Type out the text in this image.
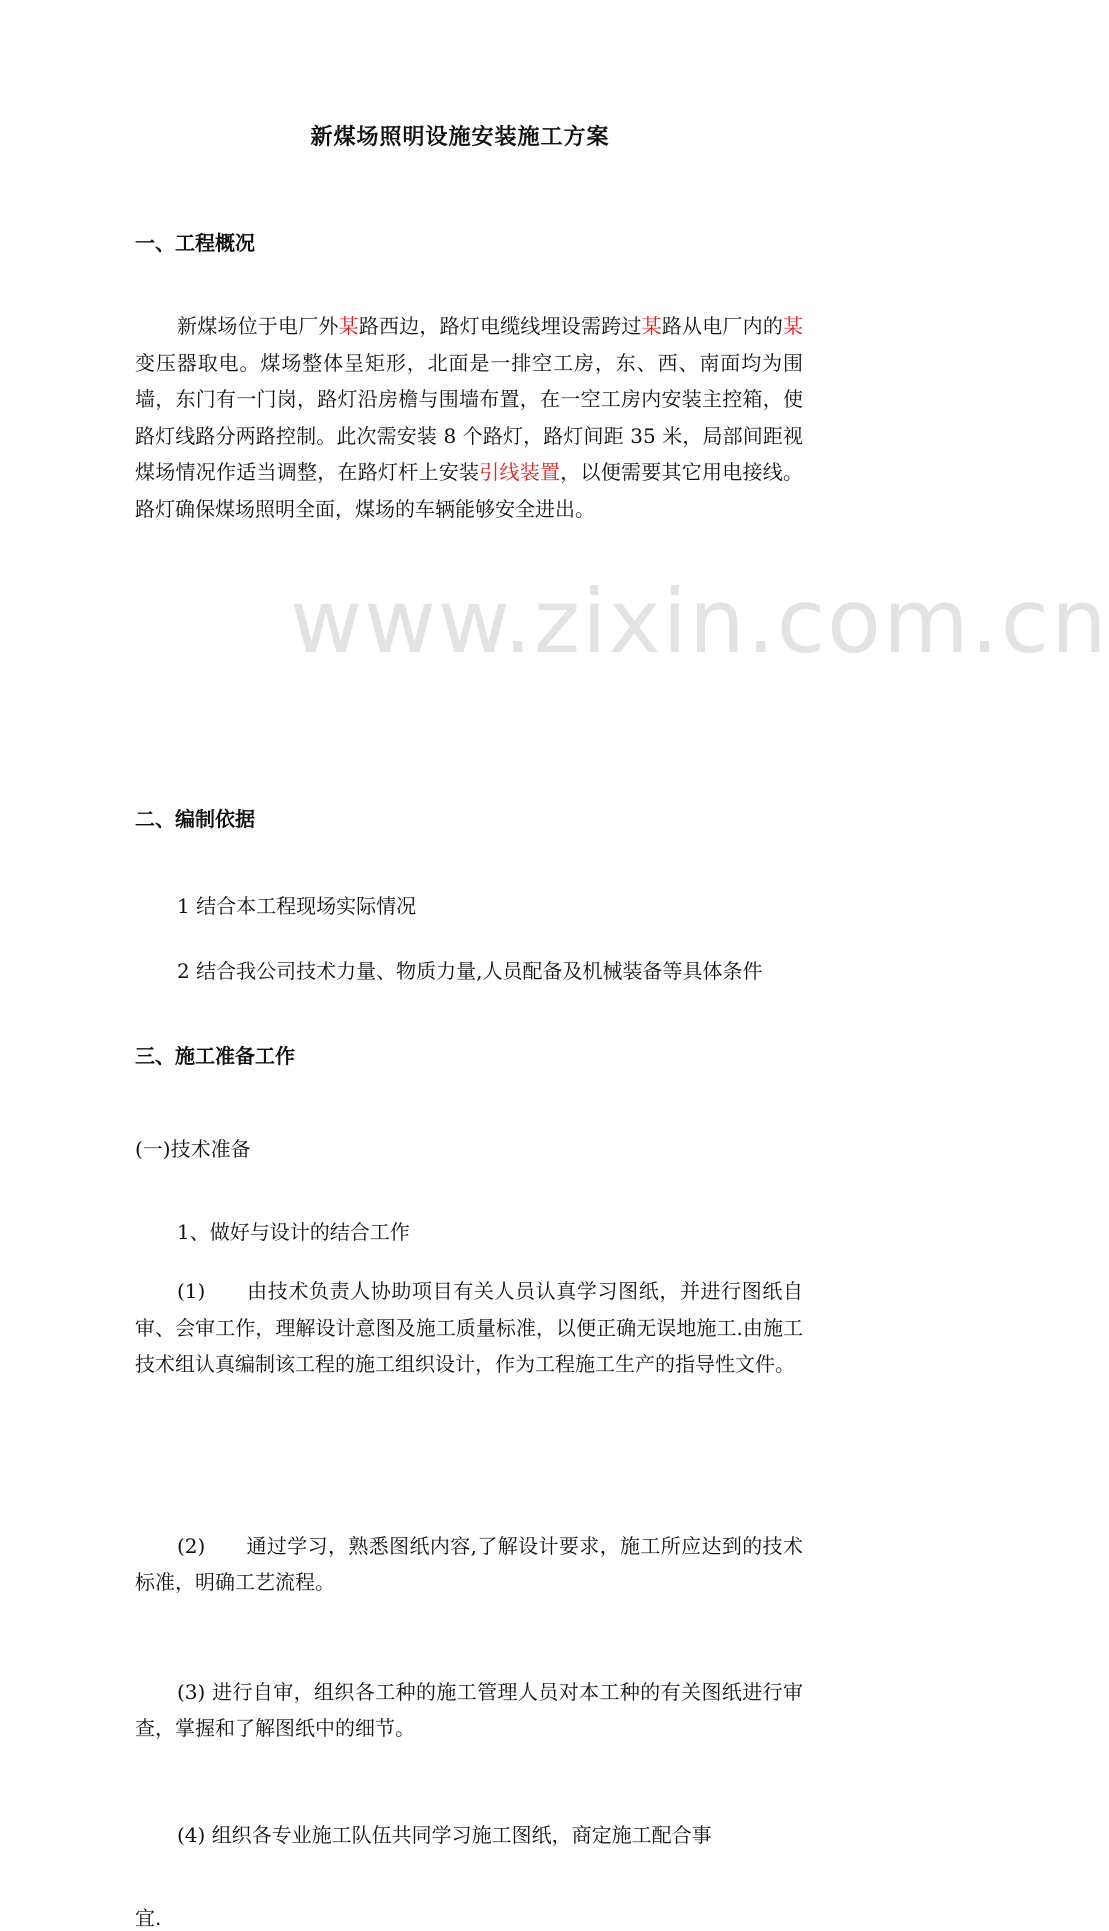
www.zixin.com.cn
新煤场照明设施安装施工方案
一、工程概况
新煤场位于电厂外某路西边，路灯电缆线埋设需跨过某路从电厂内的某变压器取电。煤场整体呈矩形，北面是一排空工房，东、西、南面均为围墙，东门有一门岗，路灯沿房檐与围墙布置，在一空工房内安装主控箱，使路灯线路分两路控制。此次需安装 8 个路灯，路灯间距 35 米，局部间距视煤场情况作适当调整，在路灯杆上安装引线装置，以便需要其它用电接线。路灯确保煤场照明全面，煤场的车辆能够安全进出。
二、编制依据
1 结合本工程现场实际情况
2 结合我公司技术力量、物质力量,人员配备及机械装备等具体条件
三、施工准备工作
(一)技术准备
1、做好与设计的结合工作
(1)　　由技术负责人协助项目有关人员认真学习图纸，并进行图纸自审、会审工作，理解设计意图及施工质量标准，以便正确无误地施工.由施工技术组认真编制该工程的施工组织设计，作为工程施工生产的指导性文件。
(2)　　通过学习，熟悉图纸内容,了解设计要求，施工所应达到的技术标准，明确工艺流程。
(3) 进行自审，组织各工种的施工管理人员对本工种的有关图纸进行审查，掌握和了解图纸中的细节。
(4) 组织各专业施工队伍共同学习施工图纸，商定施工配合事
宜.
